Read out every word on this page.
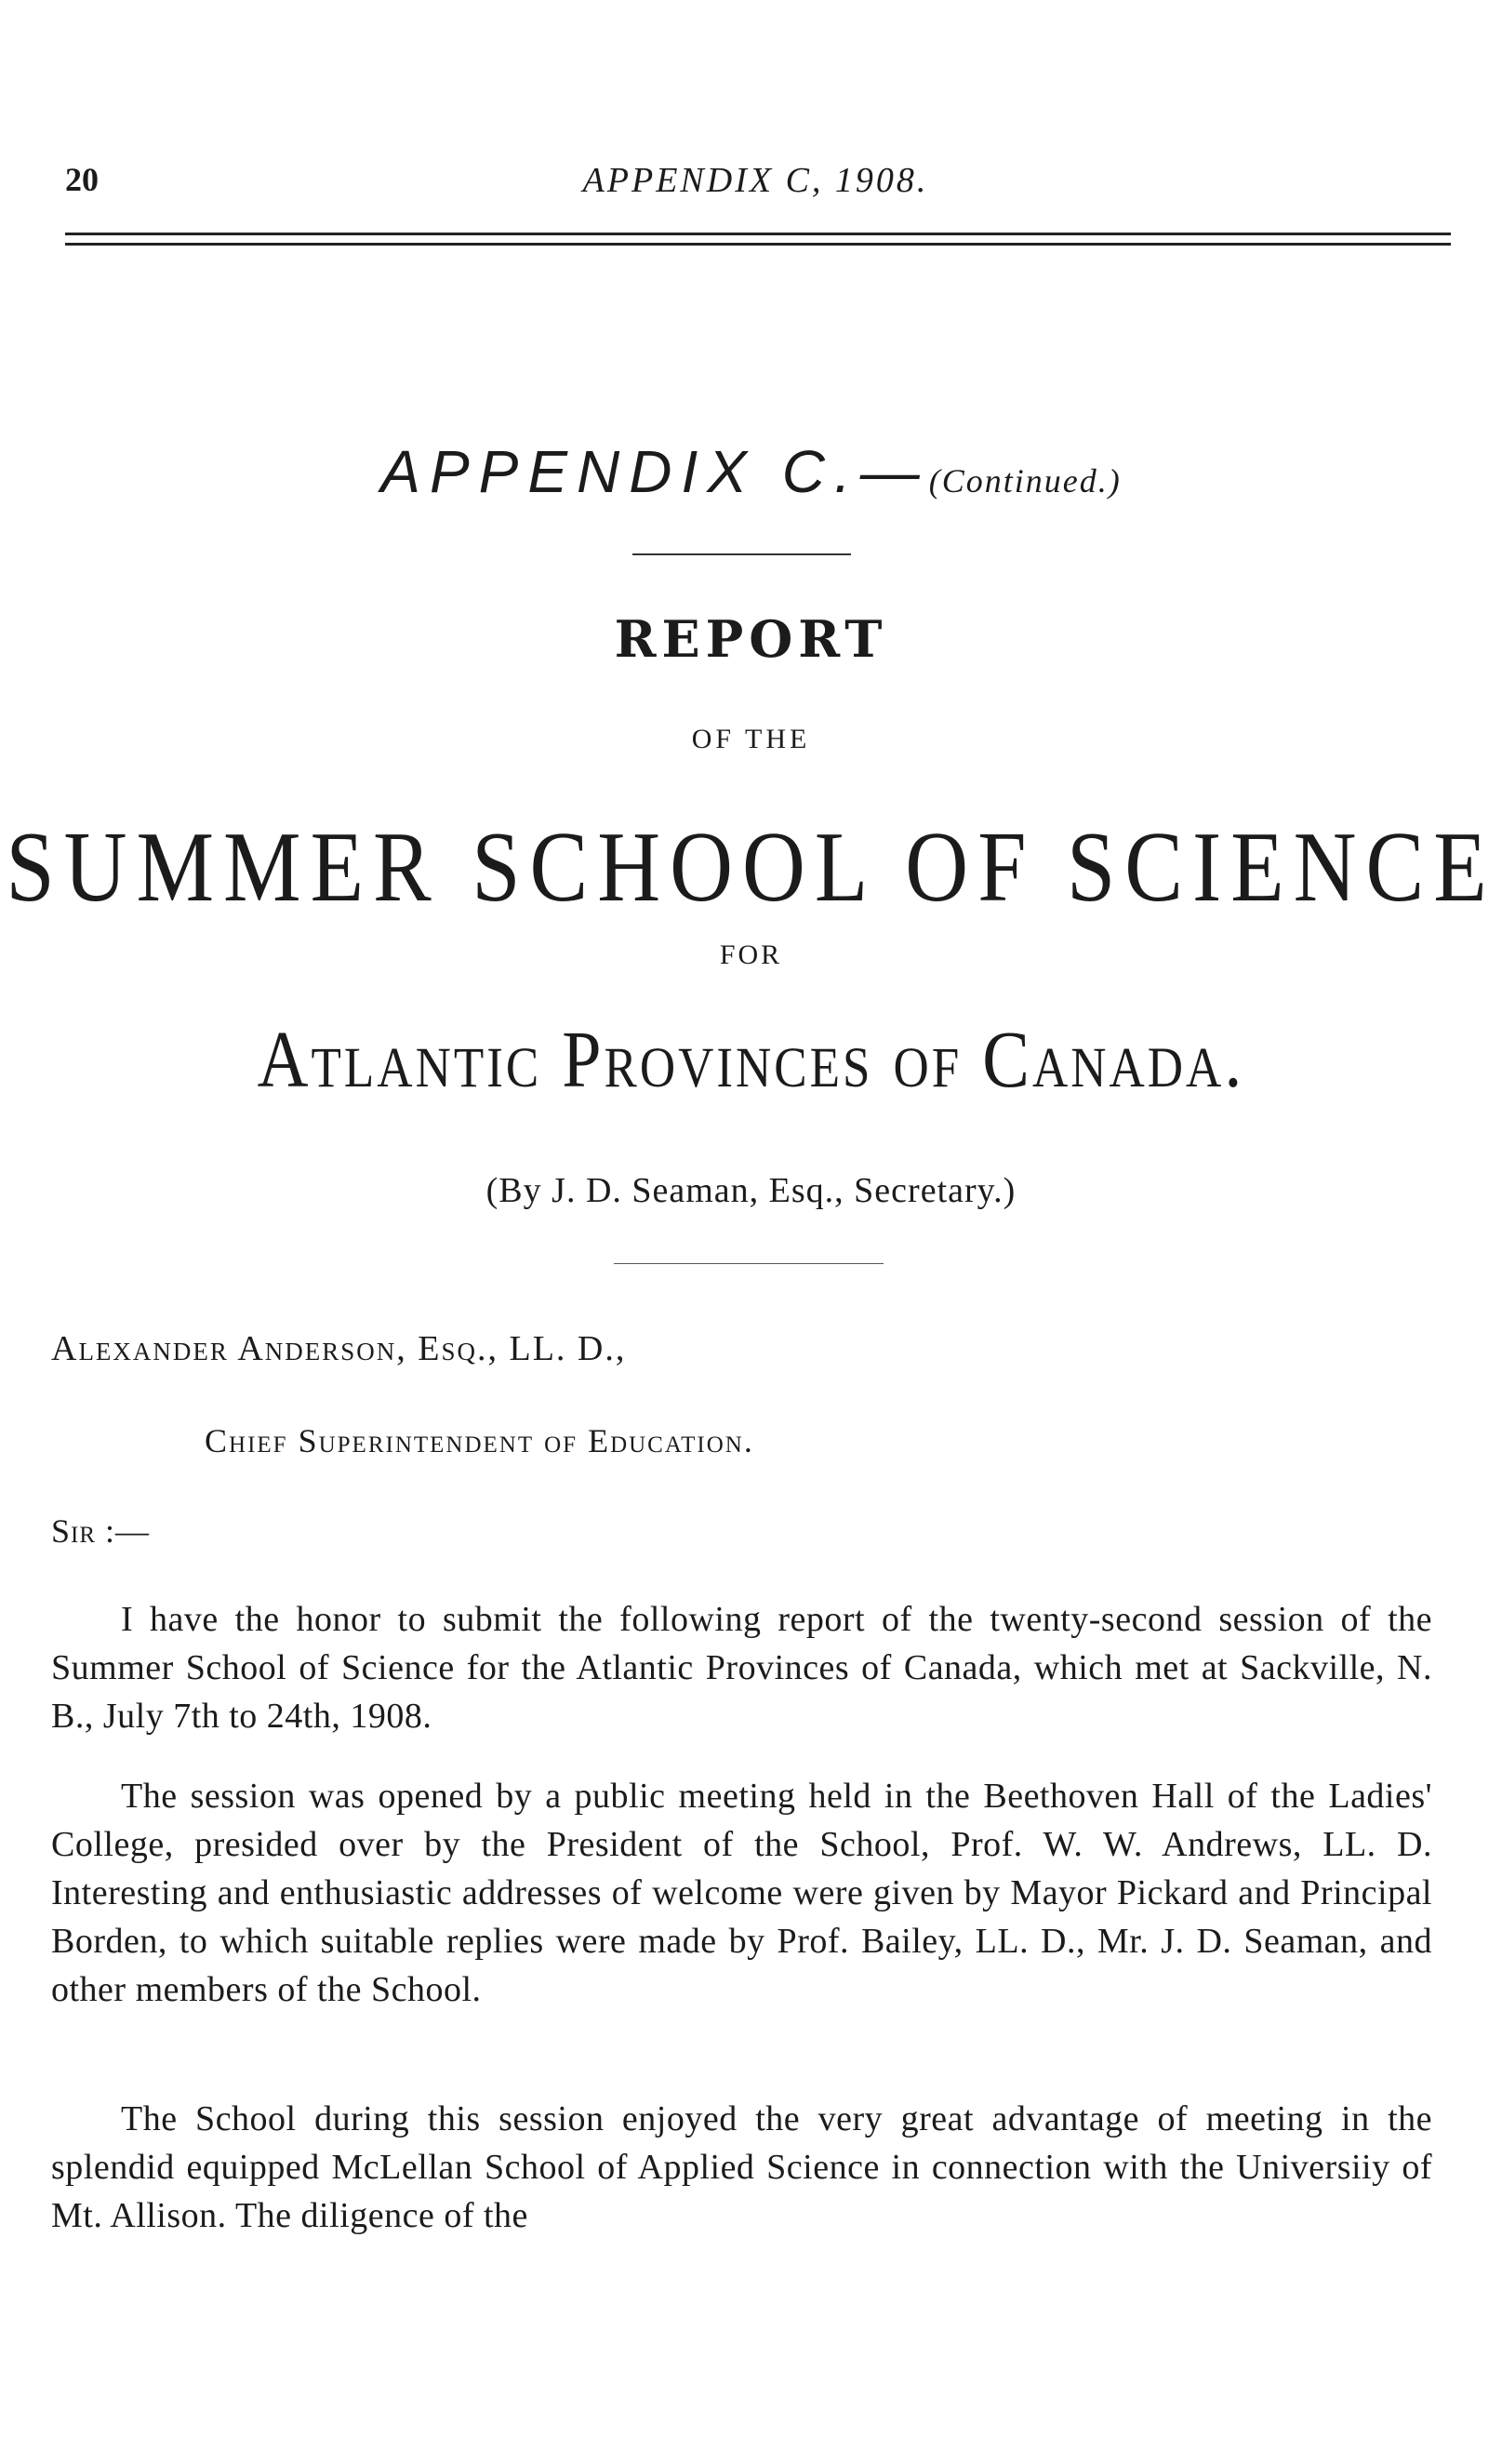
20	APPENDIX C, 1908.
APPENDIX C.—(Continued.)
REPORT
OF THE
SUMMER SCHOOL OF SCIENCE
FOR
Atlantic Provinces of Canada.
(By J. D. Seaman, Esq., Secretary.)
Alexander Anderson, Esq., LL. D.,
Chief Superintendent of Education.
Sir :—
I have the honor to submit the following report of the twenty-second session of the Summer School of Science for the Atlantic Provinces of Canada, which met at Sackville, N. B., July 7th to 24th, 1908.
The session was opened by a public meeting held in the Beethoven Hall of the Ladies' College, presided over by the President of the School, Prof. W. W. Andrews, LL. D. Interesting and enthusiastic addresses of welcome were given by Mayor Pickard and Principal Borden, to which suitable replies were made by Prof. Bailey, LL. D., Mr. J. D. Seaman, and other members of the School.
The School during this session enjoyed the very great advantage of meeting in the splendid equipped McLellan School of Applied Science in connection with the Universiiy of Mt. Allison. The diligence of the
